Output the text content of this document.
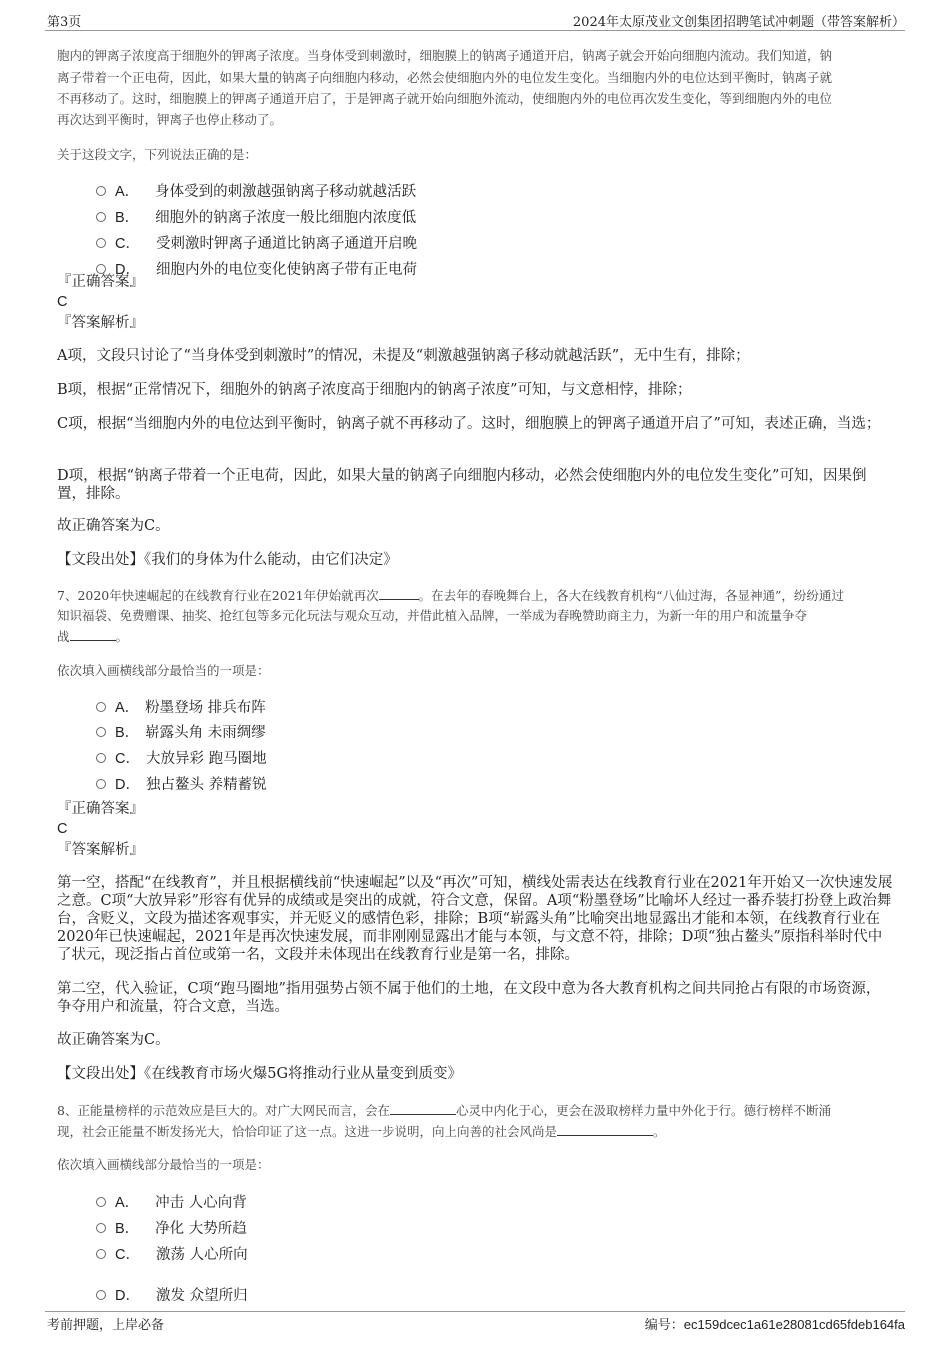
第3页	2024年太原茂业文创集团招聘笔试冲刺题（带答案解析）
胞内的钾离子浓度高于细胞外的钾离子浓度。当身体受到刺激时，细胞膜上的钠离子通道开启，钠离子就会开始向细胞内流动。我们知道，钠
离子带着一个正电荷，因此，如果大量的钠离子向细胞内移动，必然会使细胞内外的电位发生变化。当细胞内外的电位达到平衡时，钠离子就
不再移动了。这时，细胞膜上的钾离子通道开启了，于是钾离子就开始向细胞外流动，使细胞内外的电位再次发生变化，等到细胞内外的电位
再次达到平衡时，钾离子也停止移动了。
关于这段文字，下列说法正确的是：
A． 身体受到的刺激越强钠离子移动就越活跃
B． 细胞外的钠离子浓度一般比细胞内浓度低
C． 受刺激时钾离子通道比钠离子通道开启晚
D． 细胞内外的电位变化使钠离子带有正电荷
『正确答案』
C
『答案解析』
A项，文段只讨论了“当身体受到刺激时”的情况，未提及“刺激越强钠离子移动就越活跃”，无中生有，排除；
B项，根据“正常情况下，细胞外的钠离子浓度高于细胞内的钠离子浓度”可知，与文意相悖，排除；
C项，根据“当细胞内外的电位达到平衡时，钠离子就不再移动了。这时，细胞膜上的钾离子通道开启了”可知，表述正确，当选；
D项，根据“钠离子带着一个正电荷，因此，如果大量的钠离子向细胞内移动，必然会使细胞内外的电位发生变化”可知，因果倒置，排除。
故正确答案为C。
【文段出处】《我们的身体为什么能动，由它们决定》
7、2020年快速崛起的在线教育行业在2021年伊始就再次	。在去年的春晚舞台上，各大在线教育机构“八仙过海，各显神通”，纷纷通过
知识福袋、免费赠课、抽奖、抢红包等多元化玩法与观众互动，并借此植入品牌，一举成为春晚赞助商主力，为新一年的用户和流量争夺
战	。
依次填入画横线部分最恰当的一项是：
A． 粉墨登场 排兵布阵
B． 崭露头角 未雨绸缪
C． 大放异彩 跑马圈地
D． 独占鳌头 养精蓄锐
『正确答案』
C
『答案解析』
第一空，搭配“在线教育”，并且根据横线前“快速崛起”以及“再次”可知，横线处需表达在线教育行业在2021年开始又一次快速发展之意。C项“大放异彩”形容有优异的成绩或是突出的成就，符合文意，保留。A项“粉墨登场”比喻坏人经过一番乔装打扮登上政治舞台，含贬义，文段为描述客观事实，并无贬义的感情色彩，排除；B项“崭露头角”比喻突出地显露出才能和本领，在线教育行业在2020年已快速崛起，2021年是再次快速发展，而非刚刚显露出才能与本领，与文意不符，排除；D项“独占鳌头”原指科举时代中了状元，现泛指占首位或第一名，文段并未体现出在线教育行业是第一名，排除。
第二空，代入验证，C项“跑马圈地”指用强势占领不属于他们的土地，在文段中意为各大教育机构之间共同抢占有限的市场资源，争夺用户和流量，符合文意，当选。
故正确答案为C。
【文段出处】《在线教育市场火爆5G将推动行业从量变到质变》
8、正能量榜样的示范效应是巨大的。对广大网民而言，会在	心灵中内化于心，更会在汲取榜样力量中外化于行。德行榜样不断涌
现，社会正能量不断发扬光大，恰恰印证了这一点。这进一步说明，向上向善的社会风尚是	。
依次填入画横线部分最恰当的一项是：
A． 冲击 人心向背
B． 净化 大势所趋
C． 激荡 人心所向
D． 激发 众望所归
考前押题，上岸必备	编号：ec159dcec1a61e28081cd65fdeb164fa
